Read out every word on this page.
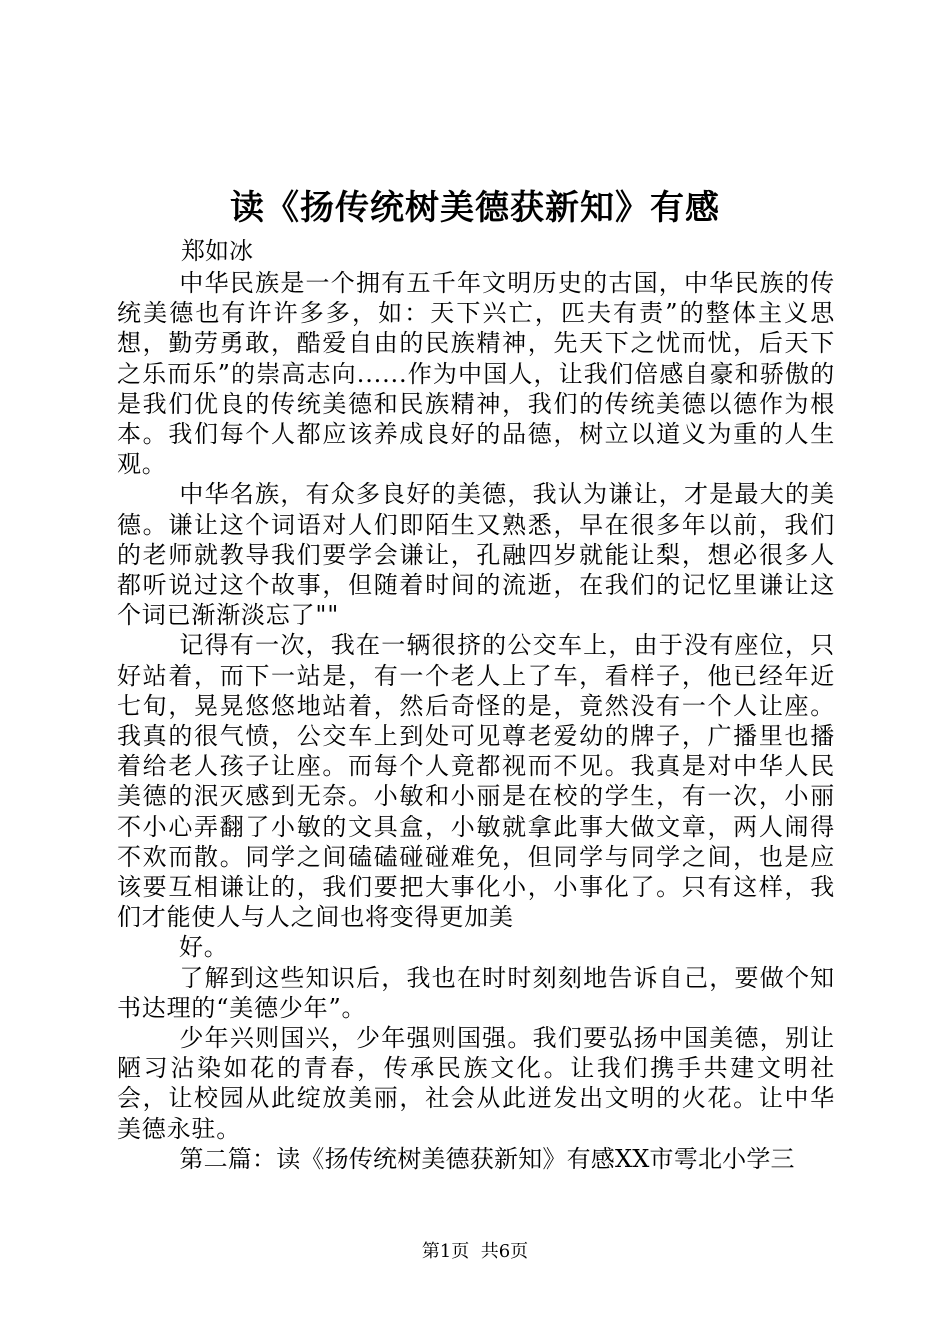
读《扬传统树美德获新知》有感
郑如冰

中华民族是一个拥有五千年文明历史的古国，中华民族的传统美德也有许许多多，如：天下兴亡，匹夫有责”的整体主义思想，勤劳勇敢，酷爱自由的民族精神，先天下之忧而忧，后天下之乐而乐”的崇高志向......作为中国人，让我们倍感自豪和骄傲的是我们优良的传统美德和民族精神，我们的传统美德以德作为根本。我们每个人都应该养成良好的品德，树立以道义为重的人生观。

中华名族，有众多良好的美德，我认为谦让，才是最大的美德。谦让这个词语对人们即陌生又熟悉，早在很多年以前，我们的老师就教导我们要学会谦让，孔融四岁就能让梨，想必很多人都听说过这个故事，但随着时间的流逝，在我们的记忆里谦让这个词已渐渐淡忘了""

记得有一次，我在一辆很挤的公交车上，由于没有座位，只好站着，而下一站是，有一个老人上了车，看样子，他已经年近七旬，晃晃悠悠地站着，然后奇怪的是，竟然没有一个人让座。我真的很气愤，公交车上到处可见尊老爱幼的牌子，广播里也播着给老人孩子让座。而每个人竟都视而不见。我真是对中华人民美德的泯灭感到无奈。小敏和小丽是在校的学生，有一次，小丽不小心弄翻了小敏的文具盒，小敏就拿此事大做文章，两人闹得不欢而散。同学之间磕磕碰碰难免，但同学与同学之间，也是应该要互相谦让的，我们要把大事化小，小事化了。只有这样，我们才能使人与人之间也将变得更加美

好。

了解到这些知识后，我也在时时刻刻地告诉自己，要做个知书达理的“美德少年”。

少年兴则国兴，少年强则国强。我们要弘扬中国美德，别让陋习沾染如花的青春，传承民族文化。让我们携手共建文明社会，让校园从此绽放美丽，社会从此迸发出文明的火花。让中华美德永驻。

第二篇：读《扬传统树美德获新知》有感XX市雩北小学三

第1页  共6页
